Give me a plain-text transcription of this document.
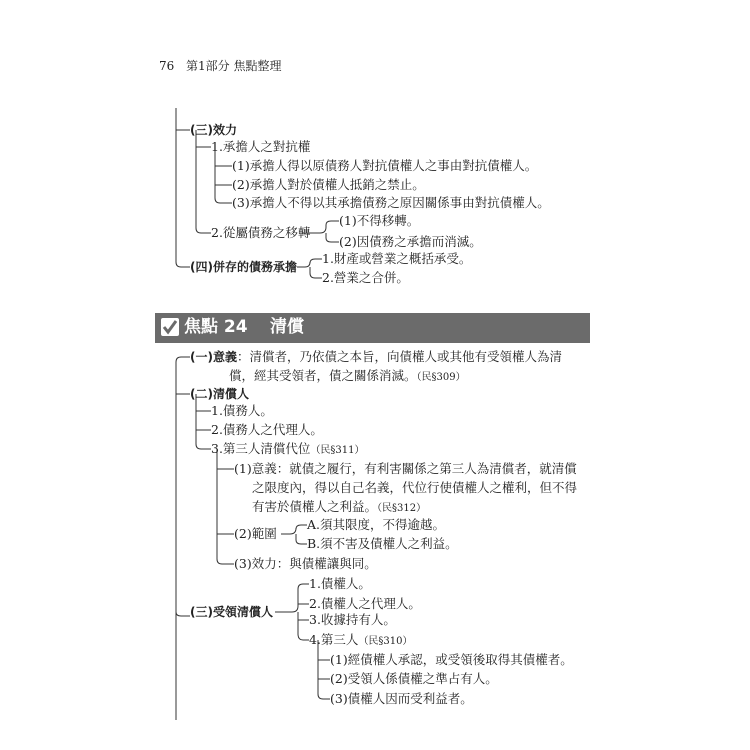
76 第1部分 焦點整理
(三)效力
1.承擔人之對抗權
(1)承擔人得以原債務人對抗債權人之事由對抗債權人。
(2)承擔人對於債權人抵銷之禁止。
(3)承擔人不得以其承擔債務之原因關係事由對抗債權人。
2.從屬債務之移轉
(1)不得移轉。
(2)因債務之承擔而消滅。
(四)併存的債務承擔
1.財產或營業之概括承受。
2.營業之合併。
焦點 24 清償
(一)意義：清償者，乃依債之本旨，向債權人或其他有受領權人為清
償，經其受領者，債之關係消滅。（民§309）
(二)清償人
1.債務人。
2.債務人之代理人。
3.第三人清償代位（民§311）
(1)意義：就債之履行，有利害關係之第三人為清償者，就清償
之限度內，得以自己名義，代位行使債權人之權利，但不得
有害於債權人之利益。（民§312）
(2)範圍
A.須其限度，不得逾越。
B.須不害及債權人之利益。
(3)效力：與債權讓與同。
(三)受領清償人
1.債權人。
2.債權人之代理人。
3.收據持有人。
4.第三人（民§310）
(1)經債權人承認，或受領後取得其債權者。
(2)受領人係債權之準占有人。
(3)債權人因而受利益者。
